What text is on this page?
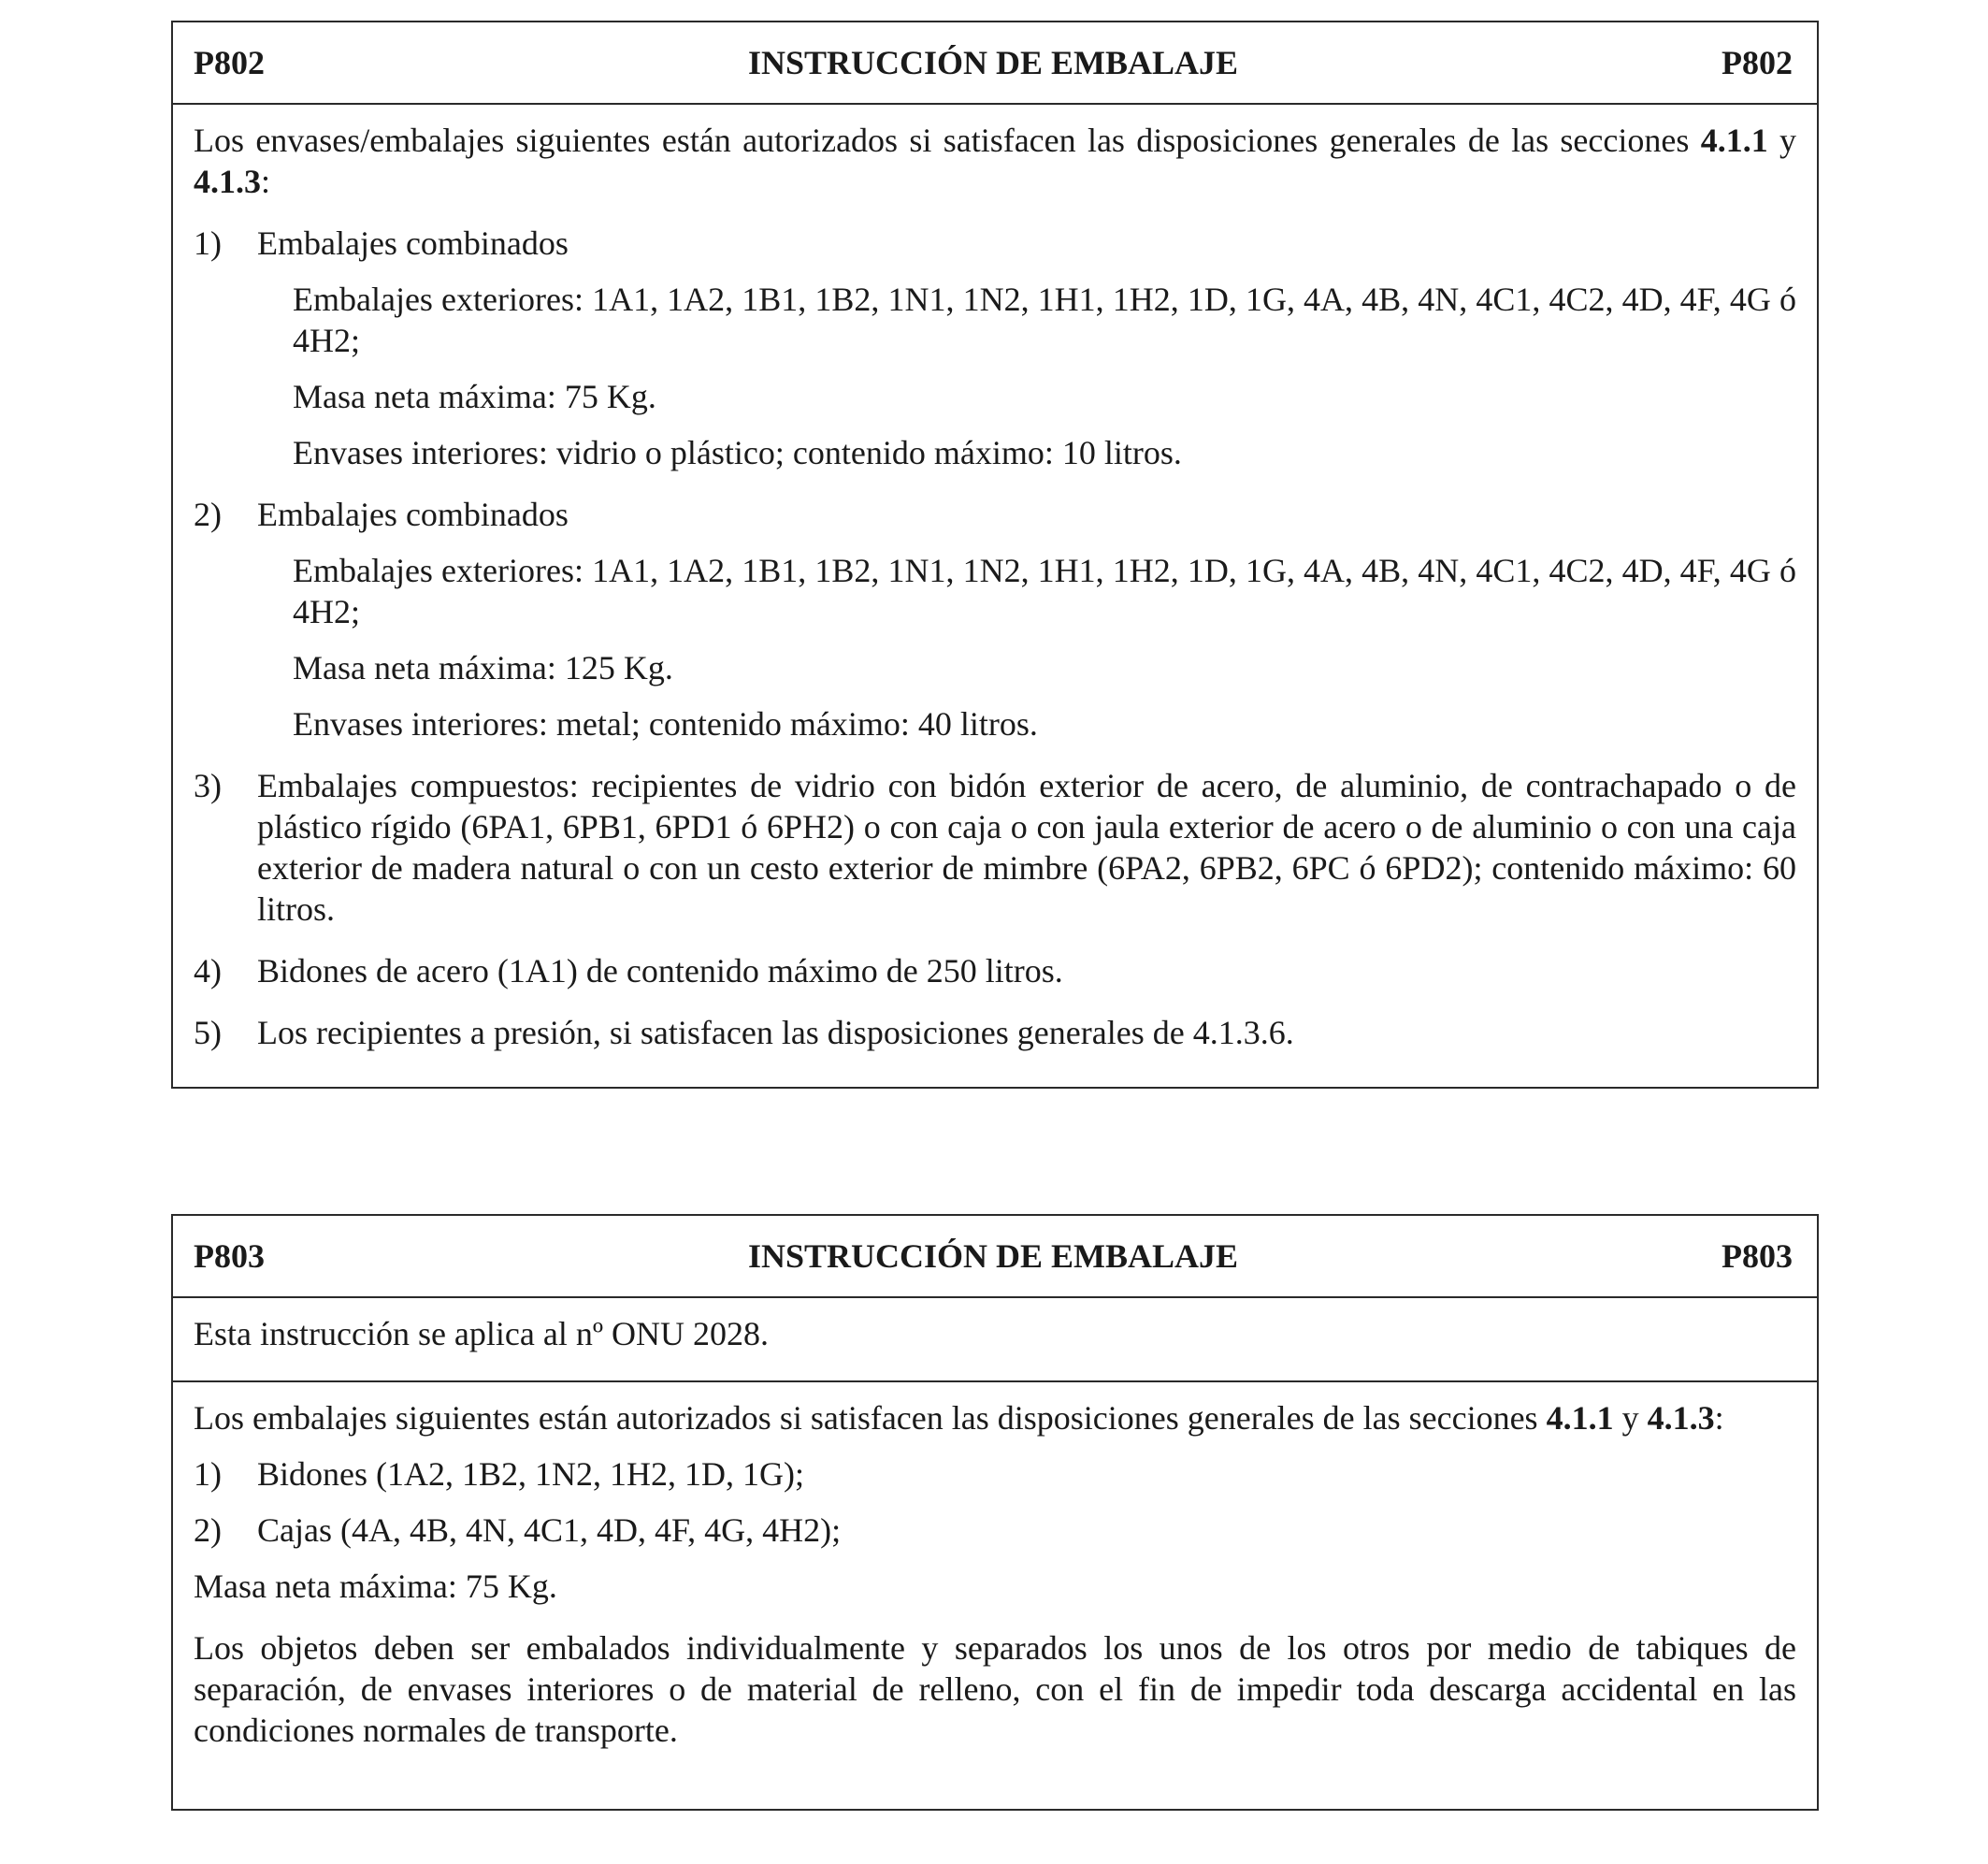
P802	INSTRUCCIÓN DE EMBALAJE	P802

Los envases/embalajes siguientes están autorizados si satisfacen las disposiciones generales de las secciones 4.1.1 y 4.1.3:

1)	Embalajes combinados

Embalajes exteriores: 1A1, 1A2, 1B1, 1B2, 1N1, 1N2, 1H1, 1H2, 1D, 1G, 4A, 4B, 4N, 4C1, 4C2, 4D, 4F, 4G ó 4H2;

Masa neta máxima: 75 Kg.

Envases interiores: vidrio o plástico; contenido máximo: 10 litros.

2)	Embalajes combinados

Embalajes exteriores: 1A1, 1A2, 1B1, 1B2, 1N1, 1N2, 1H1, 1H2, 1D, 1G, 4A, 4B, 4N, 4C1, 4C2, 4D, 4F, 4G ó 4H2;

Masa neta máxima: 125 Kg.

Envases interiores: metal; contenido máximo: 40 litros.

3)	Embalajes compuestos: recipientes de vidrio con bidón exterior de acero, de aluminio, de contrachapado o de plástico rígido (6PA1, 6PB1, 6PD1 ó 6PH2) o con caja o con jaula exterior de acero o de aluminio o con una caja exterior de madera natural o con un cesto exterior de mimbre (6PA2, 6PB2, 6PC ó 6PD2); contenido máximo: 60 litros.
4)	Bidones de acero (1A1) de contenido máximo de 250 litros.
5)	Los recipientes a presión, si satisfacen las disposiciones generales de 4.1.3.6.
P803	INSTRUCCIÓN DE EMBALAJE	P803

Esta instrucción se aplica al nº ONU 2028.

Los embalajes siguientes están autorizados si satisfacen las disposiciones generales de las secciones 4.1.1 y 4.1.3:

1)	Bidones (1A2, 1B2, 1N2, 1H2, 1D, 1G);
2)	Cajas (4A, 4B, 4N, 4C1, 4D, 4F, 4G, 4H2);

Masa neta máxima: 75 Kg.

Los objetos deben ser embalados individualmente y separados los unos de los otros por medio de tabiques de separación, de envases interiores o de material de relleno, con el fin de impedir toda descarga accidental en las condiciones normales de transporte.
